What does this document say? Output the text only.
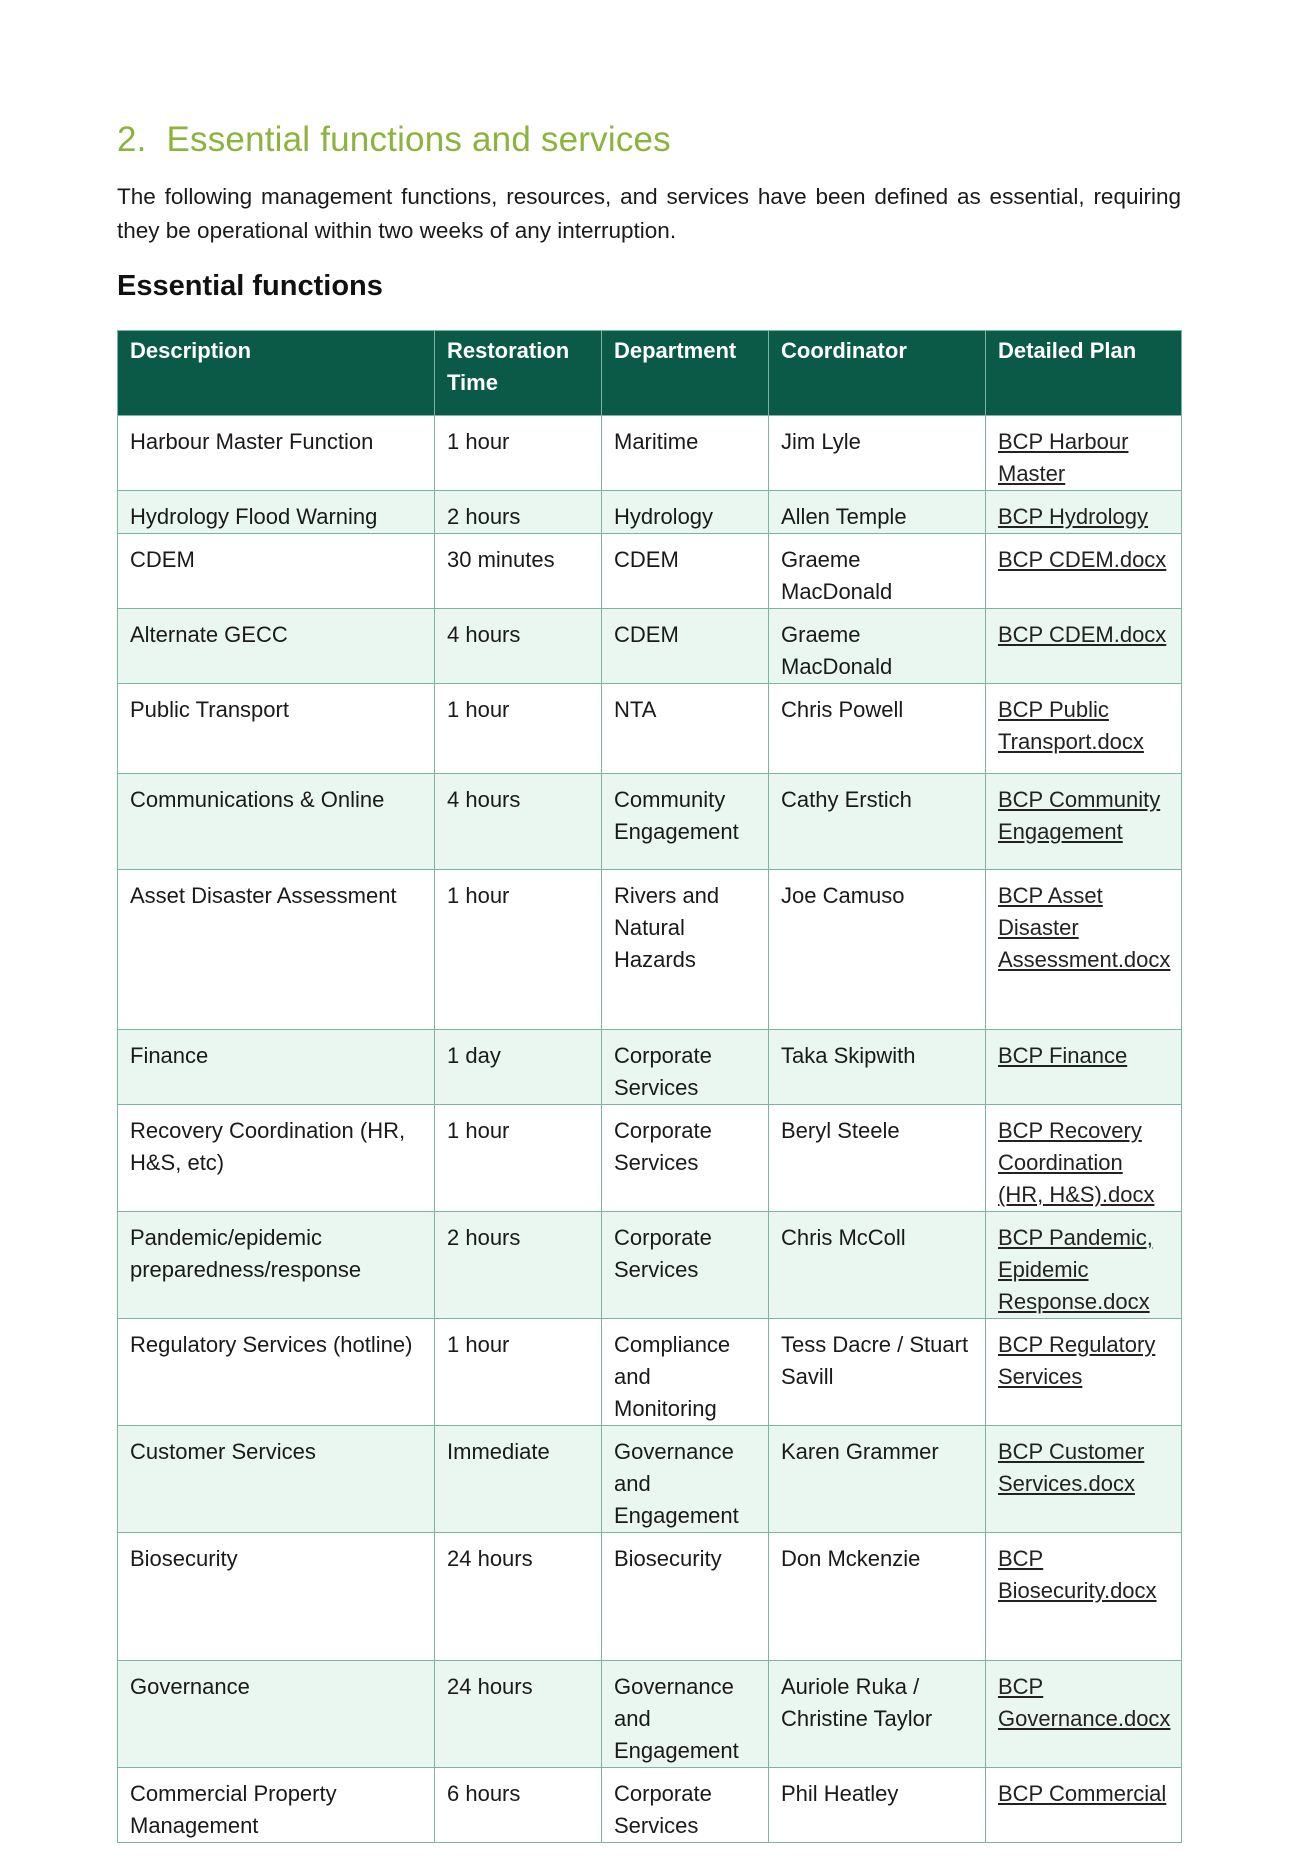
2. Essential functions and services

The following management functions, resources, and services have been defined as essential, requiring they be operational within two weeks of any interruption.

Essential functions
Description	Restoration Time	Department	Coordinator	Detailed Plan
Harbour Master Function	1 hour	Maritime	Jim Lyle	BCP Harbour Master
Hydrology Flood Warning	2 hours	Hydrology	Allen Temple	BCP Hydrology
CDEM	30 minutes	CDEM	Graeme MacDonald	BCP CDEM.docx
Alternate GECC	4 hours	CDEM	Graeme MacDonald	BCP CDEM.docx
Public Transport	1 hour	NTA	Chris Powell	BCP Public Transport.docx
Communications & Online	4 hours	Community Engagement	Cathy Erstich	BCP Community Engagement
Asset Disaster Assessment	1 hour	Rivers and Natural Hazards	Joe Camuso	BCP Asset Disaster Assessment.docx
Finance	1 day	Corporate Services	Taka Skipwith	BCP Finance
Recovery Coordination (HR, H&S, etc)	1 hour	Corporate Services	Beryl Steele	BCP Recovery Coordination (HR, H&S).docx
Pandemic/epidemic preparedness/response	2 hours	Corporate Services	Chris McColl	BCP Pandemic, Epidemic Response.docx
Regulatory Services (hotline)	1 hour	Compliance and Monitoring	Tess Dacre / Stuart Savill	BCP Regulatory Services
Customer Services	Immediate	Governance and Engagement	Karen Grammer	BCP Customer Services.docx
Biosecurity	24 hours	Biosecurity	Don Mckenzie	BCP Biosecurity.docx
Governance	24 hours	Governance and Engagement	Auriole Ruka / Christine Taylor	BCP Governance.docx
Commercial Property Management	6 hours	Corporate Services	Phil Heatley	BCP Commercial
